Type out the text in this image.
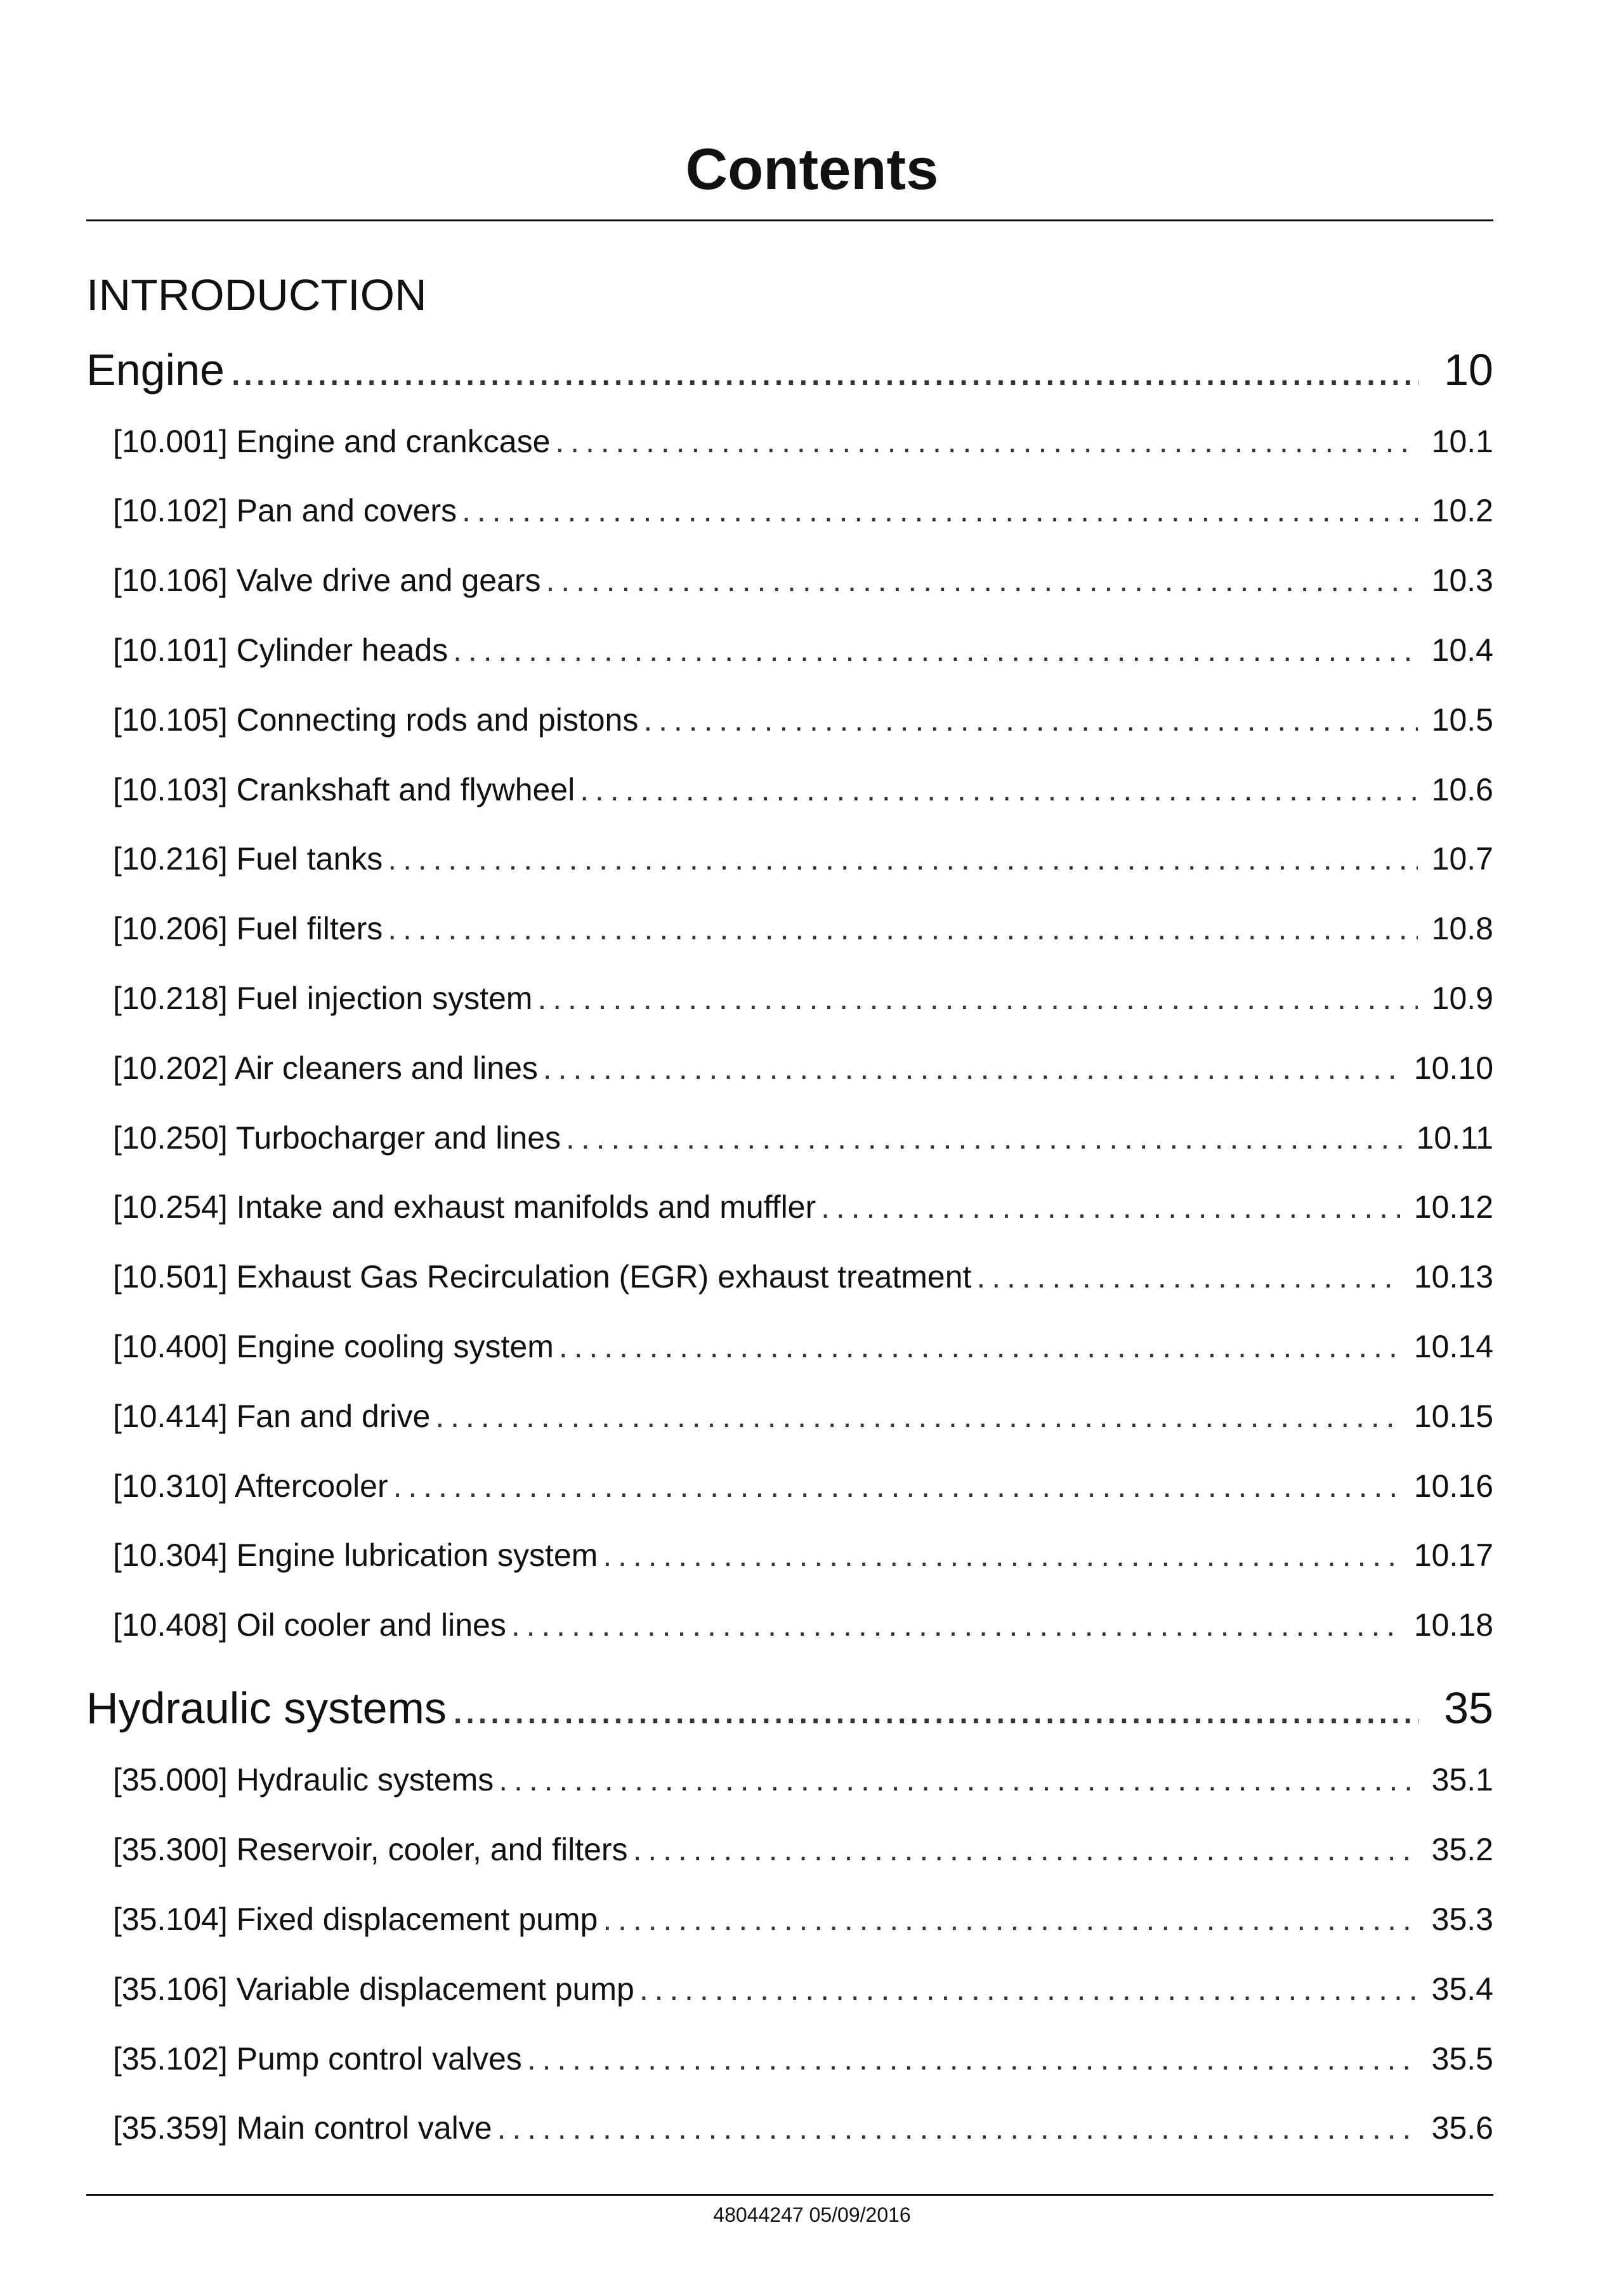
Contents
INTRODUCTION
Engine .....	10
[10.001] Engine and crankcase . . .	10.1
[10.102] Pan and covers . . .	10.2
[10.106] Valve drive and gears . . .	10.3
[10.101] Cylinder heads . . .	10.4
[10.105] Connecting rods and pistons . . .	10.5
[10.103] Crankshaft and flywheel . . .	10.6
[10.216] Fuel tanks . . .	10.7
[10.206] Fuel filters . . .	10.8
[10.218] Fuel injection system . . .	10.9
[10.202] Air cleaners and lines . . .	10.10
[10.250] Turbocharger and lines . . .	10.11
[10.254] Intake and exhaust manifolds and muffler . . .	10.12
[10.501] Exhaust Gas Recirculation (EGR) exhaust treatment . . .	10.13
[10.400] Engine cooling system . . .	10.14
[10.414] Fan and drive . . .	10.15
[10.310] Aftercooler . . .	10.16
[10.304] Engine lubrication system . . .	10.17
[10.408] Oil cooler and lines . . .	10.18
Hydraulic systems .....	35
[35.000] Hydraulic systems . . .	35.1
[35.300] Reservoir, cooler, and filters . . .	35.2
[35.104] Fixed displacement pump . . .	35.3
[35.106] Variable displacement pump . . .	35.4
[35.102] Pump control valves . . .	35.5
[35.359] Main control valve . . .	35.6
48044247 05/09/2016
